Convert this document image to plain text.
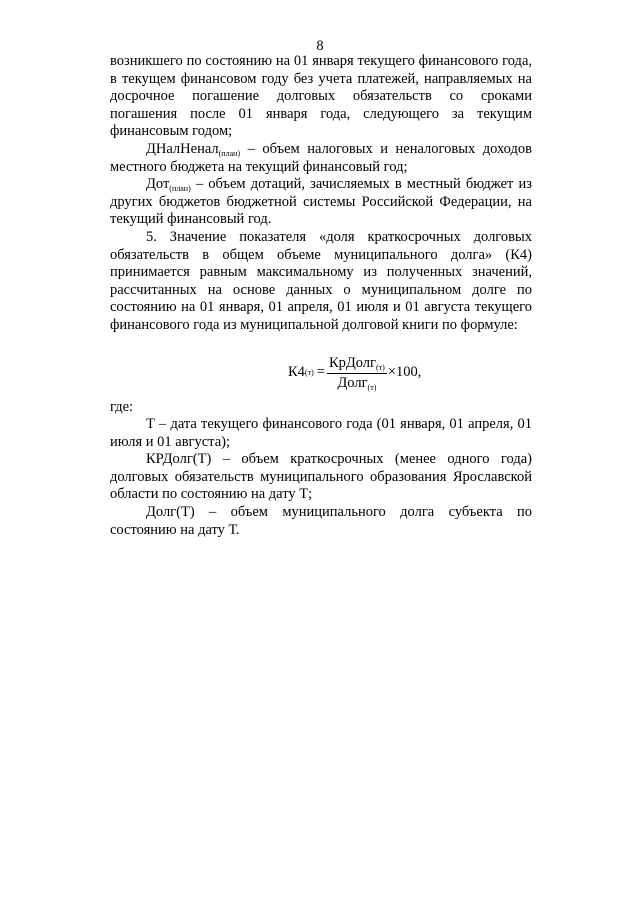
8

возникшего по состоянию на 01 января текущего финансового года, в текущем финансовом году без учета платежей, направляемых на досрочное погашение долговых обязательств со сроками погашения после 01 января года, следующего за текущим финансовым годом;

ДНалНенал$_{(план)}$ – объем налоговых и неналоговых доходов местного бюджета на текущий финансовый год;

Дот$_{(план)}$ – объем дотаций, зачисляемых в местный бюджет из других бюджетов бюджетной системы Российской Федерации, на текущий финансовый год.

5. Значение показателя «доля краткосрочных долговых обязательств в общем объеме муниципального долга» (К4) принимается равным максимальному из полученных значений, рассчитанных на основе данных о муниципальном долге по состоянию на 01 января, 01 апреля, 01 июля и 01 августа текущего финансового года из муниципальной долговой книги по формуле:

К4 $(т) = \frac{КрДолг_{(т)}}{Долг_{(т)}} \times 100$,

где:

Т – дата текущего финансового года (01 января, 01 апреля, 01 июля и 01 августа);

КРДолг(Т) – объем краткосрочных (менее одного года) долговых обязательств муниципального образования Ярославской области по состоянию на дату Т;

Долг(Т) – объем муниципального долга субъекта по состоянию на дату Т.
